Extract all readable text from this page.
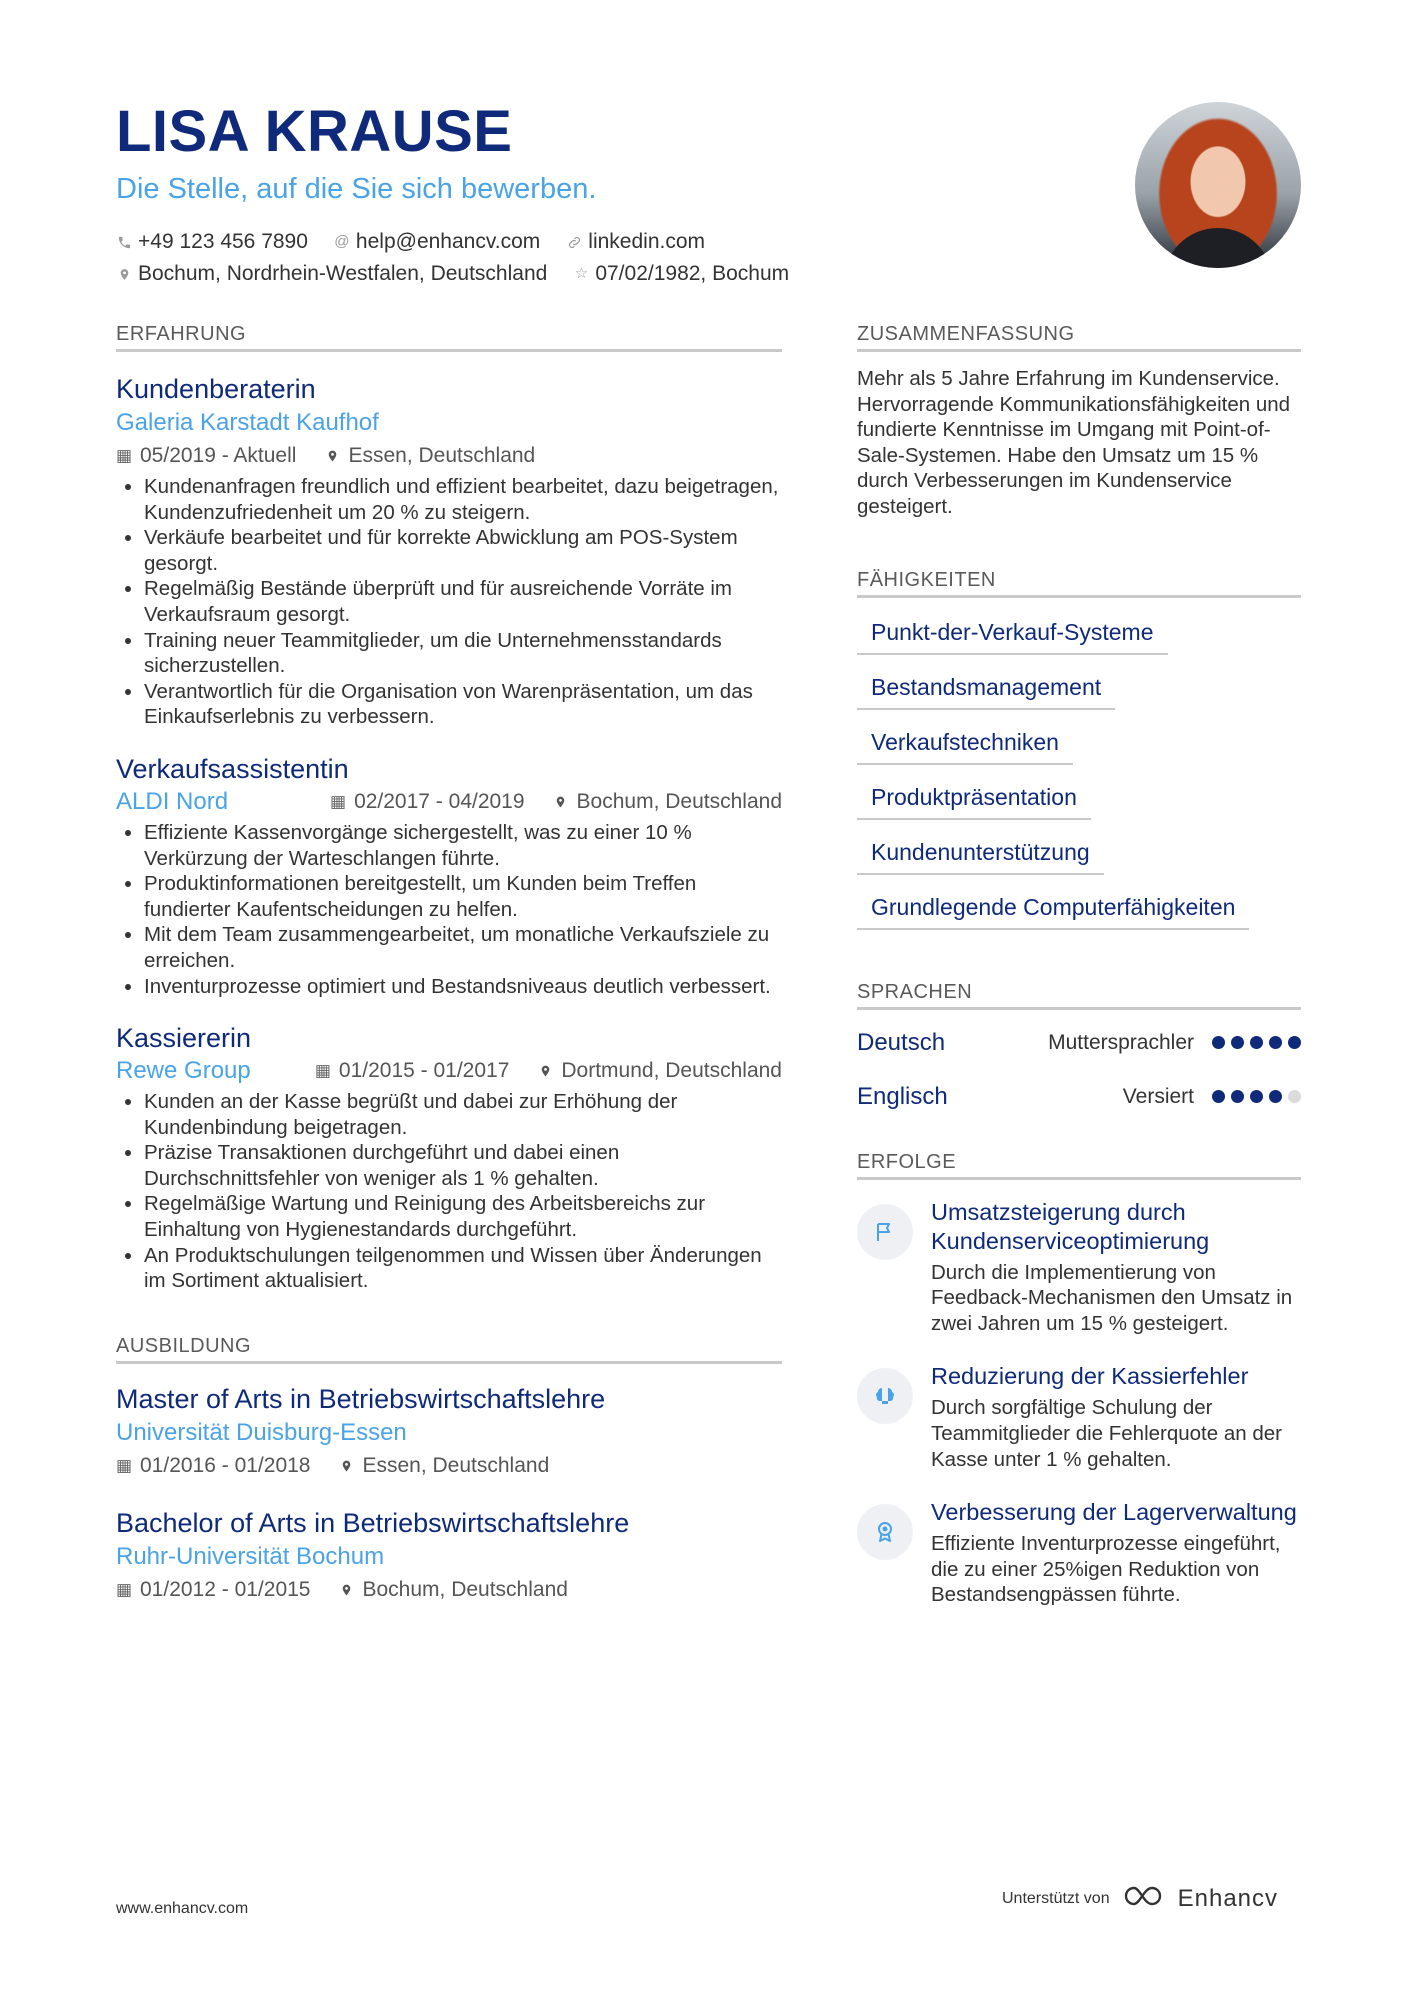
LISA KRAUSE
Die Stelle, auf die Sie sich bewerben.
+49 123 456 7890 @ help@enhancv.com linkedin.com
Bochum, Nordrhein-Westfalen, Deutschland ☆ 07/02/1982, Bochum
ERFAHRUNG
Kundenberaterin
Galeria Karstadt Kaufhof
▦ 05/2019 - Aktuell Essen, Deutschland
• Kundenanfragen freundlich und effizient bearbeitet, dazu beigetragen, Kundenzufriedenheit um 20 % zu steigern.
• Verkäufe bearbeitet und für korrekte Abwicklung am POS-System gesorgt.
• Regelmäßig Bestände überprüft und für ausreichende Vorräte im Verkaufsraum gesorgt.
• Training neuer Teammitglieder, um die Unternehmensstandards sicherzustellen.
• Verantwortlich für die Organisation von Warenpräsentation, um das Einkaufserlebnis zu verbessern.
Verkaufsassistentin
ALDI Nord	▦ 02/2017 - 04/2019 Bochum, Deutschland
• Effiziente Kassenvorgänge sichergestellt, was zu einer 10 % Verkürzung der Warteschlangen führte.
• Produktinformationen bereitgestellt, um Kunden beim Treffen fundierter Kaufentscheidungen zu helfen.
• Mit dem Team zusammengearbeitet, um monatliche Verkaufsziele zu erreichen.
• Inventurprozesse optimiert und Bestandsniveaus deutlich verbessert.
Kassiererin
Rewe Group	▦ 01/2015 - 01/2017 Dortmund, Deutschland
• Kunden an der Kasse begrüßt und dabei zur Erhöhung der Kundenbindung beigetragen.
• Präzise Transaktionen durchgeführt und dabei einen Durchschnittsfehler von weniger als 1 % gehalten.
• Regelmäßige Wartung und Reinigung des Arbeitsbereichs zur Einhaltung von Hygienestandards durchgeführt.
• An Produktschulungen teilgenommen und Wissen über Änderungen im Sortiment aktualisiert.
AUSBILDUNG
Master of Arts in Betriebswirtschaftslehre
Universität Duisburg-Essen
▦ 01/2016 - 01/2018 Essen, Deutschland
Bachelor of Arts in Betriebswirtschaftslehre
Ruhr-Universität Bochum
▦ 01/2012 - 01/2015 Bochum, Deutschland
ZUSAMMENFASSUNG
Mehr als 5 Jahre Erfahrung im Kundenservice. Hervorragende Kommunikationsfähigkeiten und fundierte Kenntnisse im Umgang mit Point-of-Sale-Systemen. Habe den Umsatz um 15 % durch Verbesserungen im Kundenservice gesteigert.
FÄHIGKEITEN
Punkt-der-Verkauf-Systeme
Bestandsmanagement
Verkaufstechniken
Produktpräsentation
Kundenunterstützung
Grundlegende Computerfähigkeiten
SPRACHEN
Deutsch	Muttersprachler
Englisch	Versiert
ERFOLGE
Umsatzsteigerung durch Kundenserviceoptimierung
Durch die Implementierung von Feedback-Mechanismen den Umsatz in zwei Jahren um 15 % gesteigert.
Reduzierung der Kassierfehler
Durch sorgfältige Schulung der Teammitglieder die Fehlerquote an der Kasse unter 1 % gehalten.
Verbesserung der Lagerverwaltung
Effiziente Inventurprozesse eingeführt, die zu einer 25%igen Reduktion von Bestandsengpässen führte.
www.enhancv.com
Unterstützt von	Enhancv
